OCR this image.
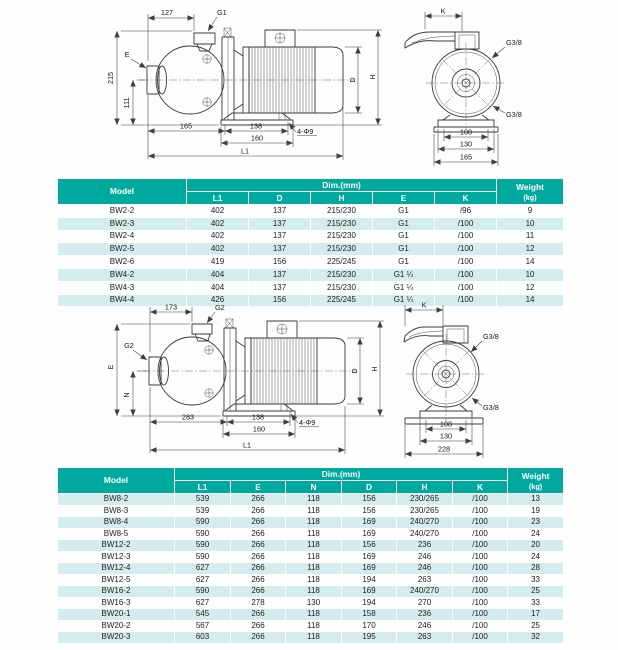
127	G1
215
111
E
165	138
160
L1
4-Φ9
D
H
K
G3/8
G3/8
108
130
165
Model	Dim.(mm)					Weight
(kg)

	L1	D	H	E	K	
BW2-2	402	137	215/230	G1	/96	9
BW2-3	402	137	215/230	G1	/100	10
BW2-4	402	137	215/230	G1	/100	11
BW2-5	402	137	215/230	G1	/100	12
BW2-6	419	156	225/245	G1	/100	14
BW4-2	404	137	215/230	G1 ¼	/100	10
BW4-3	404	137	215/230	G1 ¼	/100	12
BW4-4	426	156	225/245	G1 ¼	/100	14
173	G2
G2
E
N
283	138
160
L1
4-Φ9
D H
K
G3/8
G3/8
108
130
228
Model	Dim.(mm)						Weight
(kg)

	L1	E	N	D	H	K	
BW8-2	539	266	118	156	230/265	/100	13
BW8-3	539	266	118	156	230/265	/100	19
BW8-4	590	266	118	169	240/270	/100	23
BW8-5	590	266	118	169	240/270	/100	24
BW12-2	590	266	118	156	236	/100	20
BW12-3	590	266	118	169	246	/100	24
BW12-4	627	266	118	169	246	/100	28
BW12-5	627	266	118	194	263	/100	33
BW16-2	590	266	118	169	240/270	/100	25
BW16-3	627	278	130	194	270	/100	33
BW20-1	545	266	118	158	236	/100	17
BW20-2	567	266	118	170	246	/100	25
BW20-3	603	266	118	195	263	/100	32
